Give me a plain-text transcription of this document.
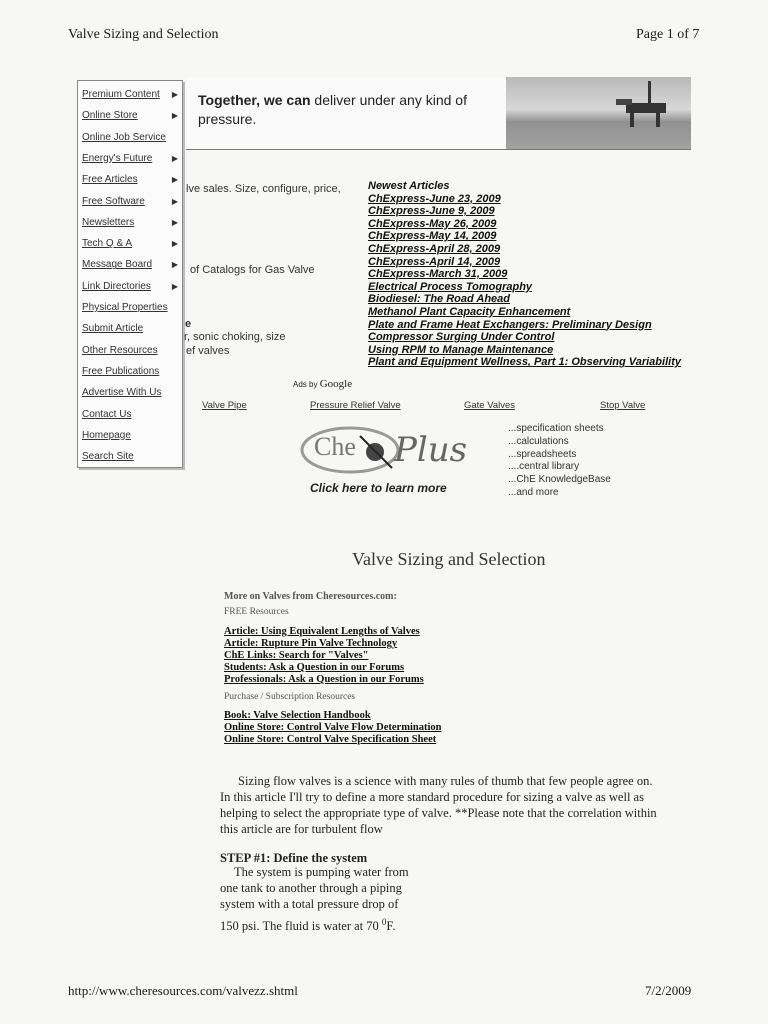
Valve Sizing and Selection	Page 1 of 7
Premium Content ▶
Online Store	▶
Online Job Service
Energy's Future ▶
Free Articles	▶
Free Software	▶
Newsletters	▶
Tech Q & A	▶
Message Board ▶
Link Directories	▶
Physical Properties
Submit Article
Other Resources
Free Publications
Advertise With Us
Contact Us
Homepage
Search Site
Together, we can deliver under any kind of pressure.
lve sales. Size, configure, price,
of Catalogs for Gas Valve
e
r, sonic choking, size
ef valves
Newest Articles
ChExpress-June 23, 2009
ChExpress-June 9, 2009
ChExpress-May 26, 2009
ChExpress-May 14, 2009
ChExpress-April 28, 2009
ChExpress-April 14, 2009
ChExpress-March 31, 2009
Electrical Process Tomography
Biodiesel: The Road Ahead
Methanol Plant Capacity Enhancement
Plate and Frame Heat Exchangers: Preliminary Design
Compressor Surging Under Control
Using RPM to Manage Maintenance
Plant and Equipment Wellness, Part 1: Observing Variability
Ads by Google
Valve Pipe	Pressure Relief Valve	Gate Valves	Stop Valve
Che Plus
Click here to learn more
...specification sheets
...calculations
...spreadsheets
....central library
...ChE KnowledgeBase
...and more
Valve Sizing and Selection
More on Valves from Cheresources.com:
FREE Resources
Article: Using Equivalent Lengths of Valves
Article: Rupture Pin Valve Technology
ChE Links: Search for "Valves"
Students: Ask a Question in our Forums
Professionals: Ask a Question in our Forums
Purchase / Subscription Resources
Book: Valve Selection Handbook
Online Store: Control Valve Flow Determination
Online Store: Control Valve Specification Sheet
Sizing flow valves is a science with many rules of thumb that few people agree on.
In this article I'll try to define a more standard procedure for sizing a valve as well as
helping to select the appropriate type of valve. **Please note that the correlation within
this article are for turbulent flow
STEP #1: Define the system
The system is pumping water from
one tank to another through a piping
system with a total pressure drop of
150 psi. The fluid is water at 70 $^0$F.
http://www.cheresources.com/valvezz.shtml	7/2/2009
